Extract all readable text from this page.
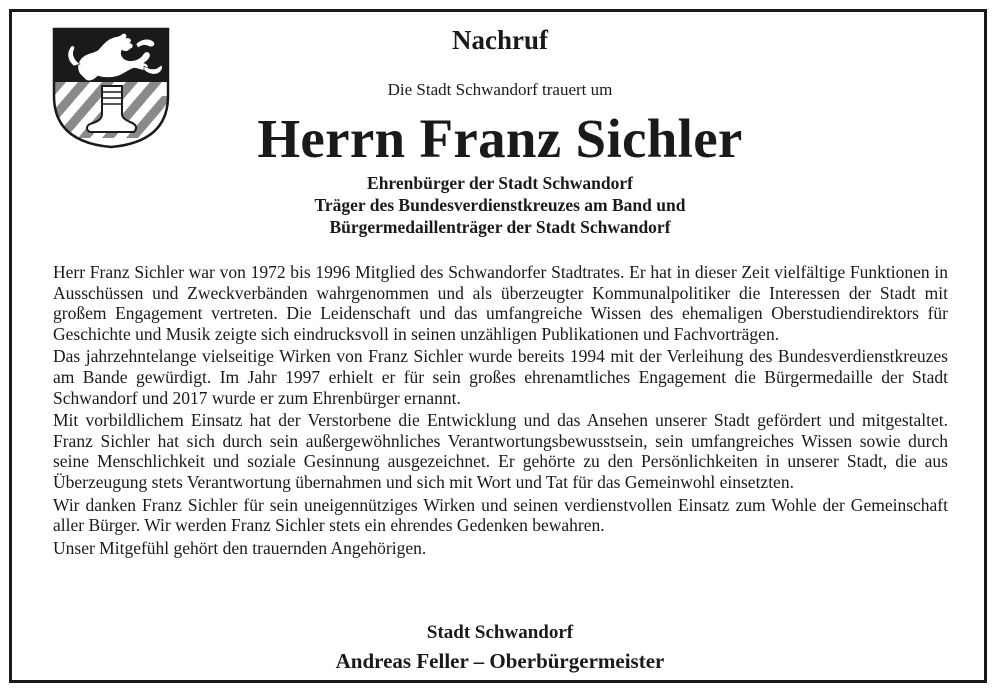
Nachruf
Die Stadt Schwandorf trauert um
Herrn Franz Sichler
Ehrenbürger der Stadt Schwandorf
Träger des Bundesverdienstkreuzes am Band und
Bürgermedaillenträger der Stadt Schwandorf

Herr Franz Sichler war von 1972 bis 1996 Mitglied des Schwandorfer Stadtrates. Er hat in dieser Zeit vielfältige Funktionen in Ausschüssen und Zweckverbänden wahrgenommen und als überzeugter Kommunalpolitiker die Interessen der Stadt mit großem Engagement vertreten. Die Leidenschaft und das umfangreiche Wissen des ehemaligen Oberstudiendirektors für Geschichte und Musik zeigte sich eindrucksvoll in seinen unzähligen Publikationen und Fachvorträgen.

Das jahrzehntelange vielseitige Wirken von Franz Sichler wurde bereits 1994 mit der Verleihung des Bundesverdienstkreuzes am Bande gewürdigt. Im Jahr 1997 erhielt er für sein großes ehrenamtliches Engagement die Bürgermedaille der Stadt Schwandorf und 2017 wurde er zum Ehrenbürger ernannt.

Mit vorbildlichem Einsatz hat der Verstorbene die Entwicklung und das Ansehen unserer Stadt gefördert und mitgestaltet. Franz Sichler hat sich durch sein außergewöhnliches Verantwortungsbewusstsein, sein umfangreiches Wissen sowie durch seine Menschlichkeit und soziale Gesinnung ausgezeichnet. Er gehörte zu den Persönlichkeiten in unserer Stadt, die aus Überzeugung stets Verantwortung übernahmen und sich mit Wort und Tat für das Gemeinwohl einsetzten.

Wir danken Franz Sichler für sein uneigennütziges Wirken und seinen verdienstvollen Einsatz zum Wohle der Gemeinschaft aller Bürger. Wir werden Franz Sichler stets ein ehrendes Gedenken bewahren.

Unser Mitgefühl gehört den trauernden Angehörigen.

Stadt Schwandorf
Andreas Feller – Oberbürgermeister
